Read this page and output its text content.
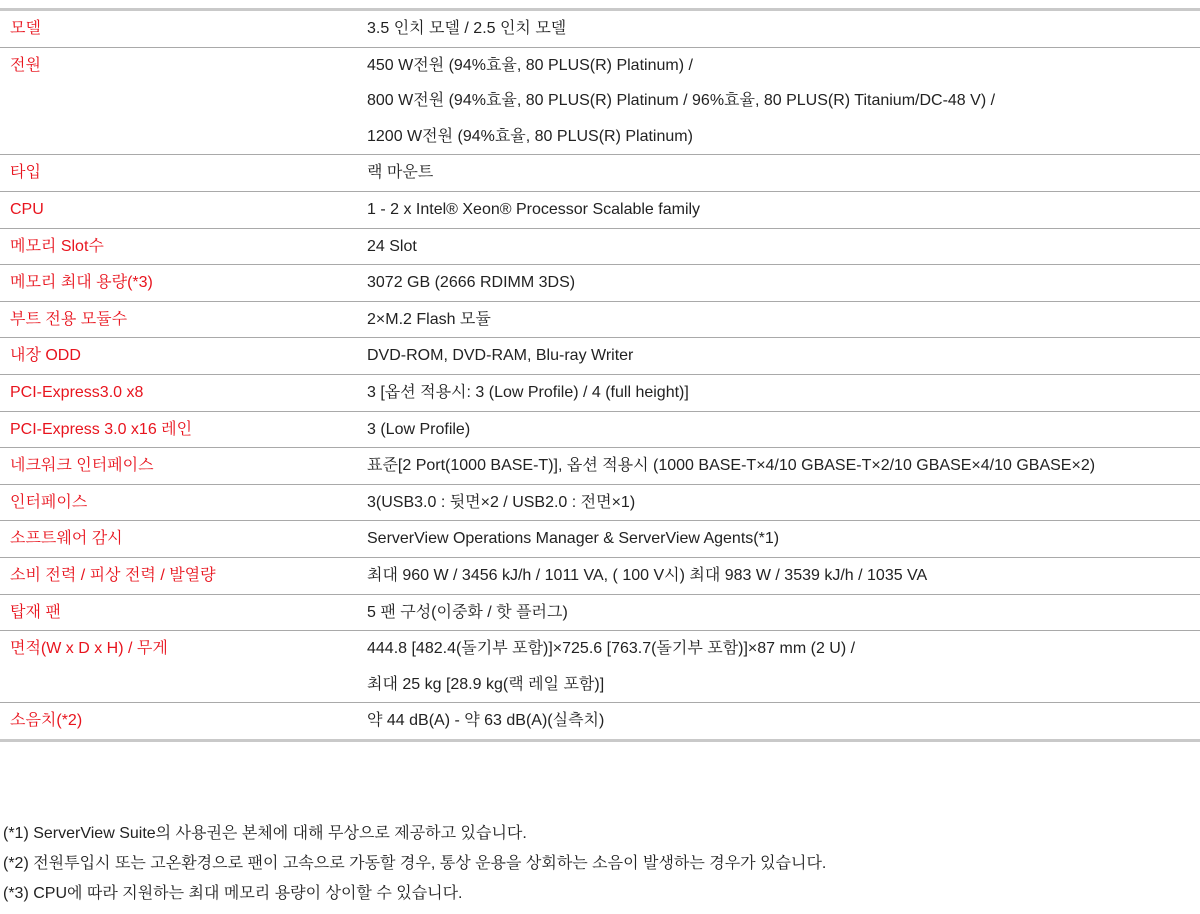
모델	3.5 인치 모델 / 2.5 인치 모델
전원	450 W전원 (94%효율, 80 PLUS(R) Platinum) /
800 W전원 (94%효율, 80 PLUS(R) Platinum / 96%효율, 80 PLUS(R) Titanium/DC-48 V) /
1200 W전원 (94%효율, 80 PLUS(R) Platinum)
타입	랙 마운트
CPU	1 - 2 x Intel® Xeon® Processor Scalable family
메모리 Slot수	24 Slot
메모리 최대 용량(*3)	3072 GB (2666 RDIMM 3DS)
부트 전용 모듈수	2×M.2 Flash 모듈
내장 ODD	DVD-ROM, DVD-RAM, Blu-ray Writer
PCI-Express3.0 x8	3 [옵션 적용시: 3 (Low Profile) / 4 (full height)]
PCI-Express 3.0 x16 레인	3 (Low Profile)
네크워크 인터페이스	표준[2 Port(1000 BASE-T)], 옵션 적용시 (1000 BASE-T×4/10 GBASE-T×2/10 GBASE×4/10 GBASE×2)
인터페이스	3(USB3.0 : 뒷면×2 / USB2.0 : 전면×1)
소프트웨어 감시	ServerView Operations Manager & ServerView Agents(*1)
소비 전력 / 피상 전력 / 발열량	최대 960 W / 3456 kJ/h / 1011 VA, ( 100 V시) 최대 983 W / 3539 kJ/h / 1035 VA
탑재 팬	5 팬 구성(이중화 / 핫 플러그)
면적(W x D x H) / 무게	444.8 [482.4(돌기부 포함)]×725.6 [763.7(돌기부 포함)]×87 mm (2 U) /
최대 25 kg [28.9 kg(랙 레일 포함)]
소음치(*2)	약 44 dB(A) - 약 63 dB(A)(실측치)
(*1) ServerView Suite의 사용권은 본체에 대해 무상으로 제공하고 있습니다.
(*2) 전원투입시 또는 고온환경으로 팬이 고속으로 가동할 경우, 통상 운용을 상회하는 소음이 발생하는 경우가 있습니다.
(*3) CPU에 따라 지원하는 최대 메모리 용량이 상이할 수 있습니다.
